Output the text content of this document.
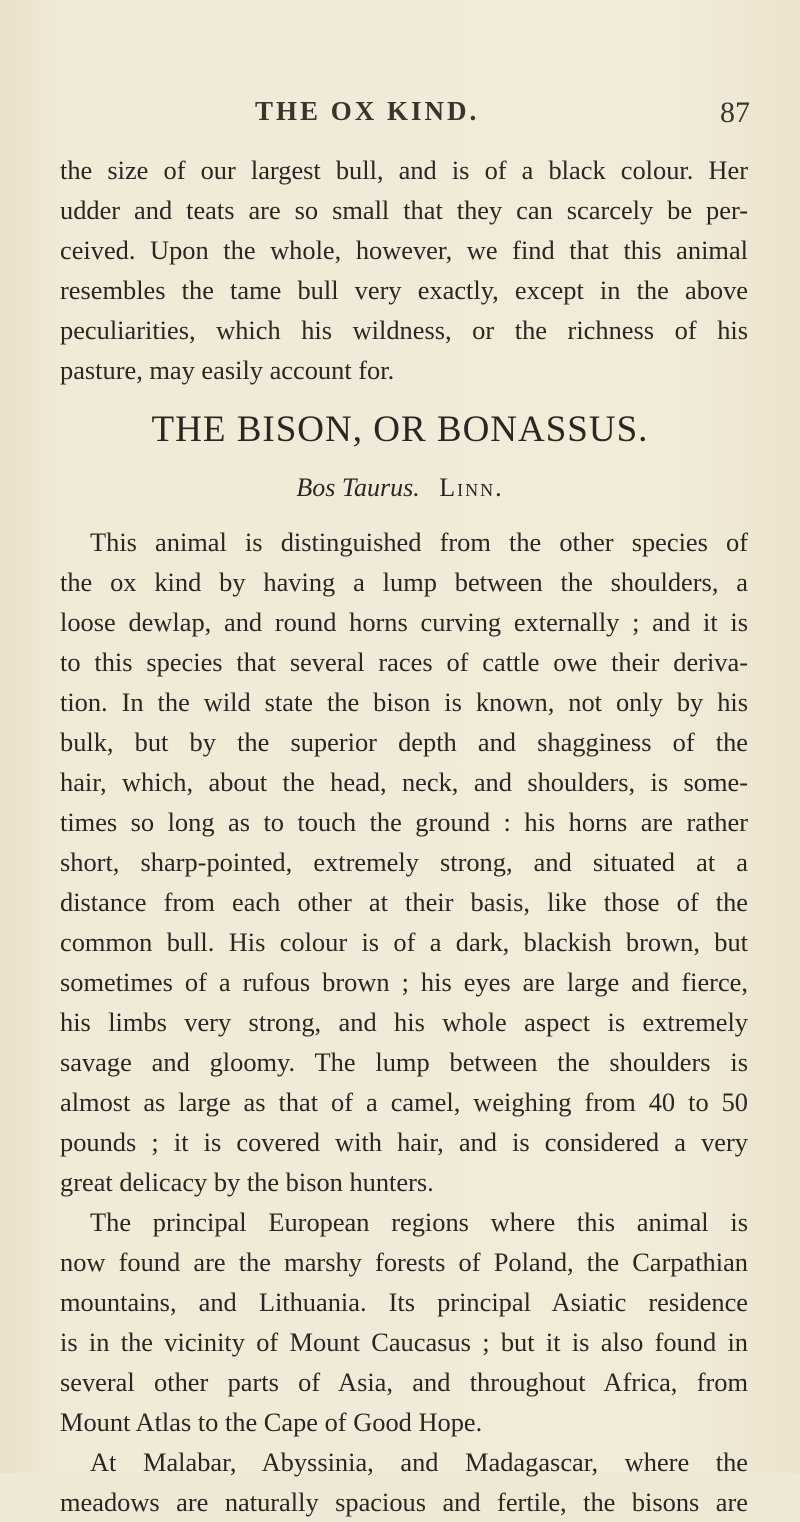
THE OX KIND.	87
the size of our largest bull, and is of a black colour. Her
udder and teats are so small that they can scarcely be per-
ceived. Upon the whole, however, we find that this animal
resembles the tame bull very exactly, except in the above
peculiarities, which his wildness, or the richness of his
pasture, may easily account for.
THE BISON, OR BONASSUS.
Bos Taurus. Linn.
This animal is distinguished from the other species of
the ox kind by having a lump between the shoulders, a
loose dewlap, and round horns curving externally ; and it is
to this species that several races of cattle owe their deriva-
tion. In the wild state the bison is known, not only by his
bulk, but by the superior depth and shagginess of the
hair, which, about the head, neck, and shoulders, is some-
times so long as to touch the ground : his horns are rather
short, sharp-pointed, extremely strong, and situated at a
distance from each other at their basis, like those of the
common bull. His colour is of a dark, blackish brown, but
sometimes of a rufous brown ; his eyes are large and fierce,
his limbs very strong, and his whole aspect is extremely
savage and gloomy. The lump between the shoulders is
almost as large as that of a camel, weighing from 40 to 50
pounds ; it is covered with hair, and is considered a very
great delicacy by the bison hunters.
The principal European regions where this animal is
now found are the marshy forests of Poland, the Carpathian
mountains, and Lithuania. Its principal Asiatic residence
is in the vicinity of Mount Caucasus ; but it is also found in
several other parts of Asia, and throughout Africa, from
Mount Atlas to the Cape of Good Hope.
At Malabar, Abyssinia, and Madagascar, where the
meadows are naturally spacious and fertile, the bisons are
